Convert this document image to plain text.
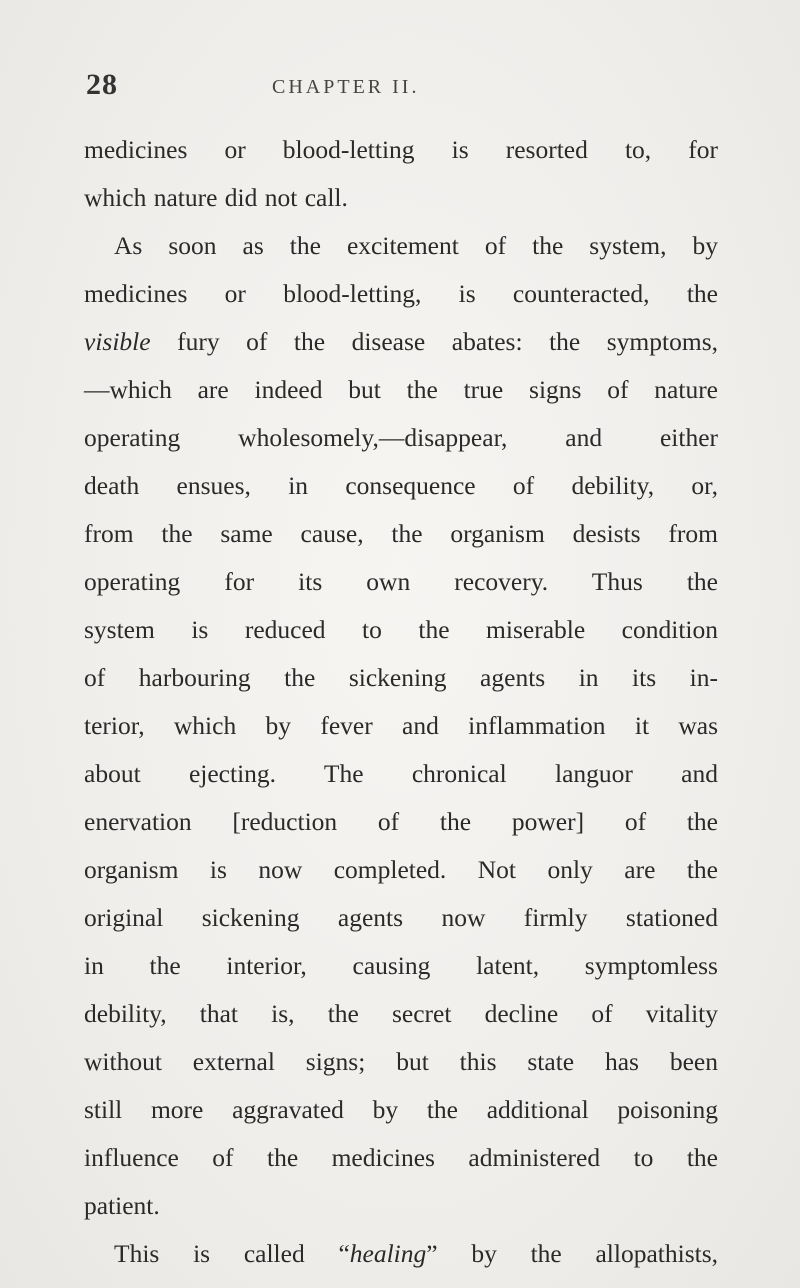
28	CHAPTER II.
medicines or blood-letting is resorted to, for
which nature did not call.
As soon as the excitement of the system, by
medicines or blood-letting, is counteracted, the
visible fury of the disease abates: the symptoms,
—which are indeed but the true signs of nature
operating wholesomely,—disappear, and either
death ensues, in consequence of debility, or,
from the same cause, the organism desists from
operating for its own recovery. Thus the
system is reduced to the miserable condition
of harbouring the sickening agents in its in-
terior, which by fever and inflammation it was
about ejecting. The chronical languor and
enervation [reduction of the power] of the
organism is now completed. Not only are the
original sickening agents now firmly stationed
in the interior, causing latent, symptomless
debility, that is, the secret decline of vitality
without external signs; but this state has been
still more aggravated by the additional poisoning
influence of the medicines administered to the
patient.
This is called “healing” by the allopathists,
